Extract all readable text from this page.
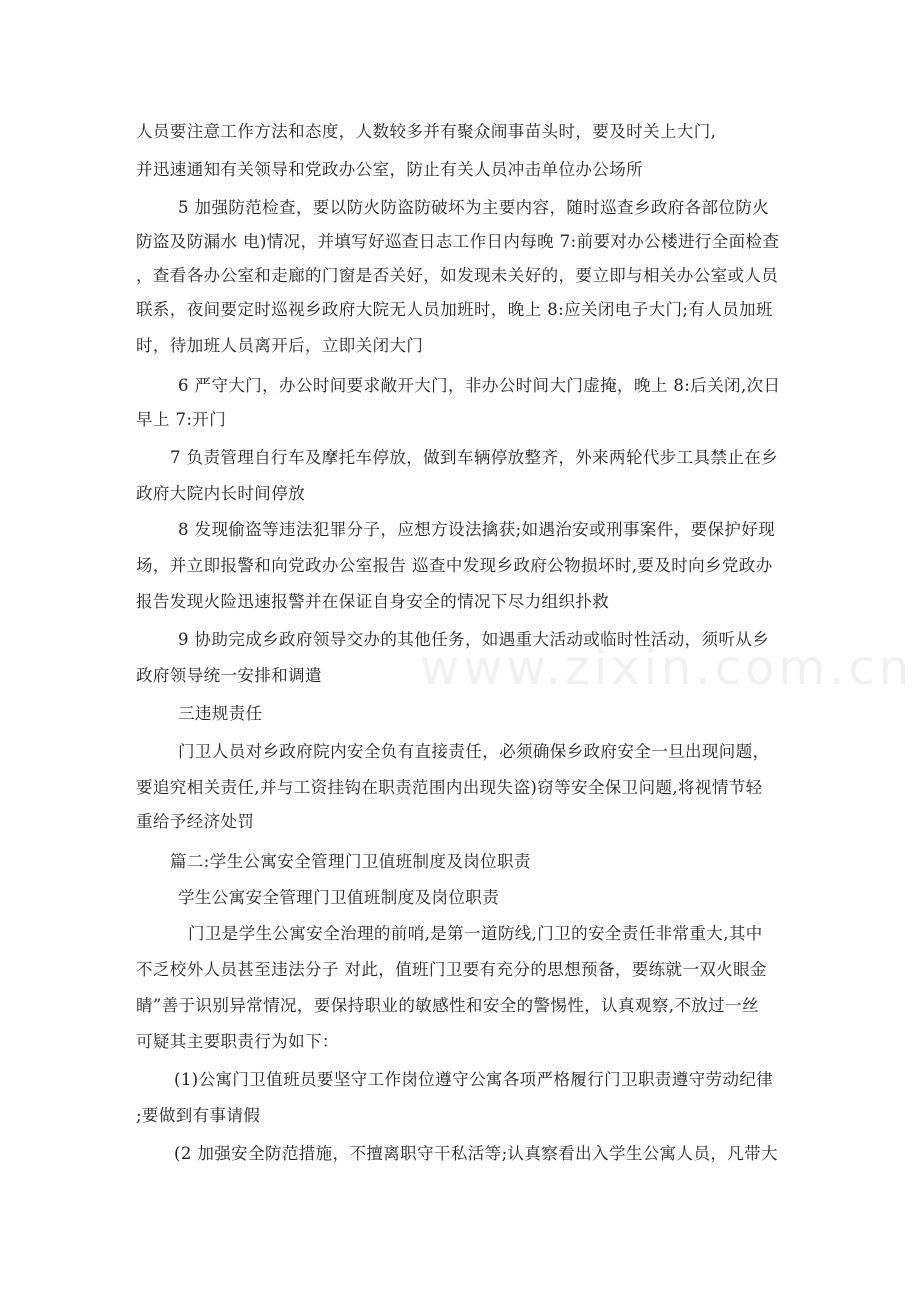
人员要注意工作方法和态度，人数较多并有聚众闹事苗头时，要及时关上大门,
并迅速通知有关领导和党政办公室，防止有关人员冲击单位办公场所
5 加强防范检查，要以防火防盗防破坏为主要内容，随时巡查乡政府各部位防火
防盗及防漏水 电)情况，并填写好巡查日志工作日内每晚 7:前要对办公楼进行全面检查
，查看各办公室和走廊的门窗是否关好，如发现未关好的，要立即与相关办公室或人员
联系，夜间要定时巡视乡政府大院无人员加班时，晚上 8:应关闭电子大门;有人员加班
时，待加班人员离开后，立即关闭大门
6 严守大门，办公时间要求敞开大门，非办公时间大门虚掩，晚上 8:后关闭,次日
早上 7:开门
7 负责管理自行车及摩托车停放，做到车辆停放整齐，外来两轮代步工具禁止在乡
政府大院内长时间停放
8 发现偷盗等违法犯罪分子，应想方设法擒获;如遇治安或刑事案件，要保护好现
场，并立即报警和向党政办公室报告 巡查中发现乡政府公物损坏时,要及时向乡党政办
报告发现火险迅速报警并在保证自身安全的情况下尽力组织扑救
9 协助完成乡政府领导交办的其他任务，如遇重大活动或临时性活动，须听从乡
政府领导统一安排和调遣
三违规责任
门卫人员对乡政府院内安全负有直接责任，必须确保乡政府安全一旦出现问题，
要追究相关责任,并与工资挂钩在职责范围内出现失盗)窃等安全保卫问题,将视情节轻
重给予经济处罚
篇二:学生公寓安全管理门卫值班制度及岗位职责
学生公寓安全管理门卫值班制度及岗位职责
门卫是学生公寓安全治理的前哨,是第一道防线,门卫的安全责任非常重大,其中
不乏校外人员甚至违法分子 对此，值班门卫要有充分的思想预备，要练就一双火眼金
睛”善于识别异常情况，要保持职业的敏感性和安全的警惕性，认真观察,不放过一丝
可疑其主要职责行为如下：
(1)公寓门卫值班员要坚守工作岗位遵守公寓各项严格履行门卫职责遵守劳动纪律
;要做到有事请假
(2 加强安全防范措施，不擅离职守干私活等;认真察看出入学生公寓人员，凡带大
www.zixin.com.cn
